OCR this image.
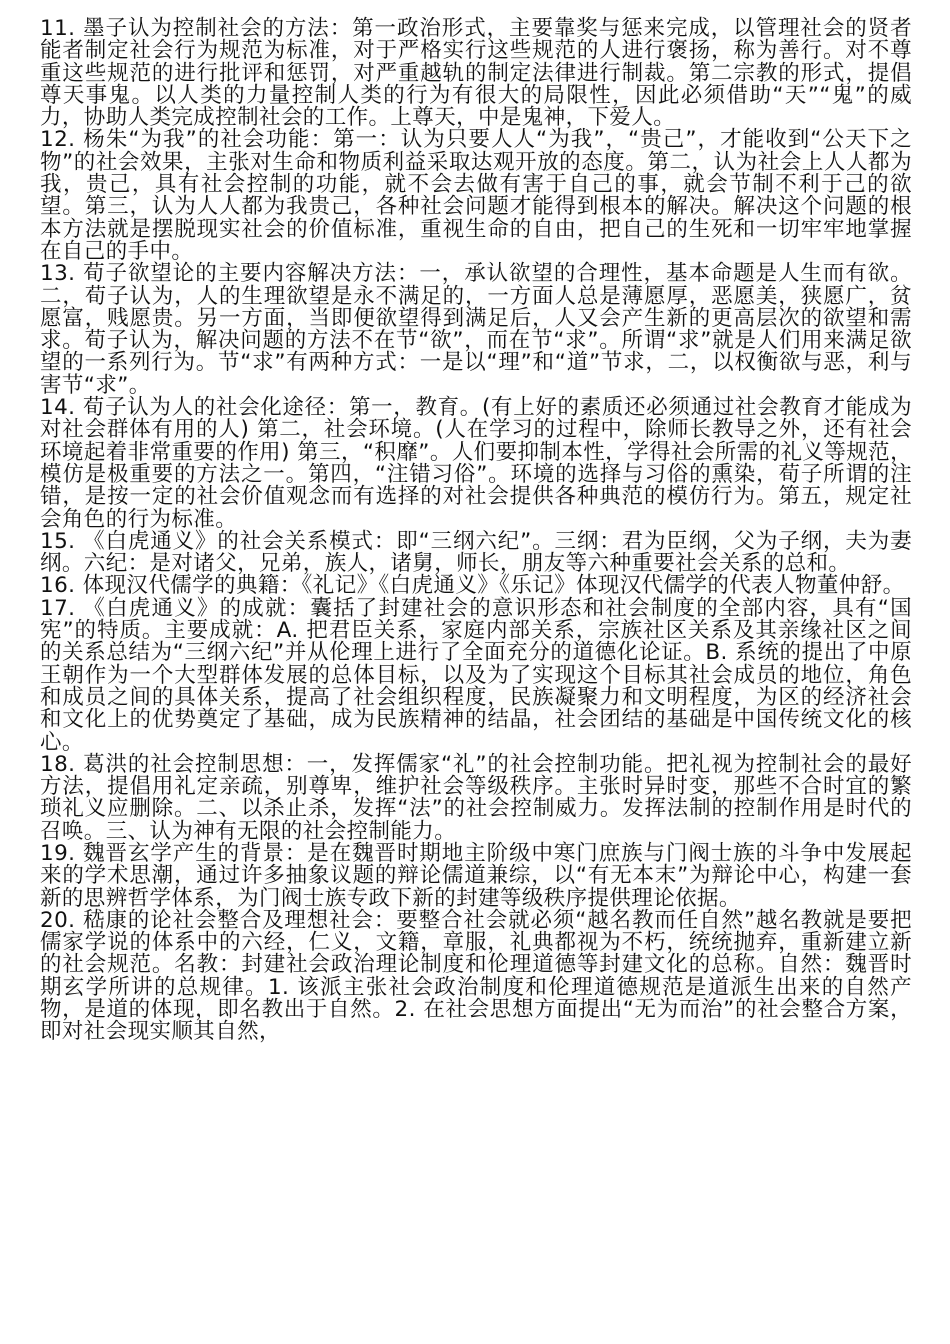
11. 墨子认为控制社会的方法：第一政治形式，主要靠奖与惩来完成，以管理社会的贤者能者制定社会行为规范为标准，对于严格实行这些规范的人进行褒扬，称为善行。对不尊重这些规范的进行批评和惩罚，对严重越轨的制定法律进行制裁。第二宗教的形式，提倡尊天事鬼。以人类的力量控制人类的行为有很大的局限性，因此必须借助“天”“鬼”的威力，协助人类完成控制社会的工作。上尊天，中是鬼神，下爱人。

12. 杨朱“为我”的社会功能：第一：认为只要人人“为我”，“贵己”，才能收到“公天下之物”的社会效果，主张对生命和物质利益采取达观开放的态度。第二，认为社会上人人都为我，贵己，具有社会控制的功能，就不会去做有害于自己的事，就会节制不利于己的欲望。第三，认为人人都为我贵己，各种社会问题才能得到根本的解决。解决这个问题的根本方法就是摆脱现实社会的价值标准，重视生命的自由，把自己的生死和一切牢牢地掌握在自己的手中。

13. 荀子欲望论的主要内容解决方法：一，承认欲望的合理性，基本命题是人生而有欲。二，荀子认为，人的生理欲望是永不满足的，一方面人总是薄愿厚，恶愿美，狭愿广，贫愿富，贱愿贵。另一方面，当即便欲望得到满足后，人又会产生新的更高层次的欲望和需求。荀子认为，解决问题的方法不在节“欲”，而在节“求”。所谓“求”就是人们用来满足欲望的一系列行为。节“求”有两种方式：一是以“理”和“道”节求，二，以权衡欲与恶，利与害节“求”。

14. 荀子认为人的社会化途径：第一，教育。(有上好的素质还必须通过社会教育才能成为对社会群体有用的人) 第二，社会环境。(人在学习的过程中，除师长教导之外，还有社会环境起着非常重要的作用) 第三，“积靡”。人们要抑制本性，学得社会所需的礼义等规范，模仿是极重要的方法之一。第四，“注错习俗”。环境的选择与习俗的熏染，荀子所谓的注错，是按一定的社会价值观念而有选择的对社会提供各种典范的模仿行为。第五，规定社会角色的行为标准。

15. 《白虎通义》的社会关系模式：即“三纲六纪”。三纲：君为臣纲，父为子纲，夫为妻纲。六纪：是对诸父，兄弟，族人，诸舅，师长，朋友等六种重要社会关系的总和。

16. 体现汉代儒学的典籍：《礼记》《白虎通义》《乐记》体现汉代儒学的代表人物董仲舒。

17. 《白虎通义》的成就：囊括了封建社会的意识形态和社会制度的全部内容，具有“国宪”的特质。主要成就：A. 把君臣关系，家庭内部关系，宗族社区关系及其亲缘社区之间的关系总结为“三纲六纪”并从伦理上进行了全面充分的道德化论证。B. 系统的提出了中原王朝作为一个大型群体发展的总体目标，以及为了实现这个目标其社会成员的地位，角色和成员之间的具体关系，提高了社会组织程度，民族凝聚力和文明程度，为区的经济社会和文化上的优势奠定了基础，成为民族精神的结晶，社会团结的基础是中国传统文化的核心。

18. 葛洪的社会控制思想：一，发挥儒家“礼”的社会控制功能。把礼视为控制社会的最好方法，提倡用礼定亲疏，别尊卑，维护社会等级秩序。主张时异时变，那些不合时宜的繁琐礼义应删除。二、以杀止杀，发挥“法”的社会控制威力。发挥法制的控制作用是时代的召唤。三、认为神有无限的社会控制能力。

19. 魏晋玄学产生的背景：是在魏晋时期地主阶级中寒门庶族与门阀士族的斗争中发展起来的学术思潮，通过许多抽象议题的辩论儒道兼综，以“有无本末”为辩论中心，构建一套新的思辨哲学体系，为门阀士族专政下新的封建等级秩序提供理论依据。

20. 嵇康的论社会整合及理想社会：要整合社会就必须“越名教而任自然”越名教就是要把儒家学说的体系中的六经，仁义，文籍，章服，礼典都视为不朽，统统抛弃，重新建立新的社会规范。名教：封建社会政治理论制度和伦理道德等封建文化的总称。自然：魏晋时期玄学所讲的总规律。1. 该派主张社会政治制度和伦理道德规范是道派生出来的自然产物，是道的体现，即名教出于自然。2. 在社会思想方面提出“无为而治”的社会整合方案，即对社会现实顺其自然，
